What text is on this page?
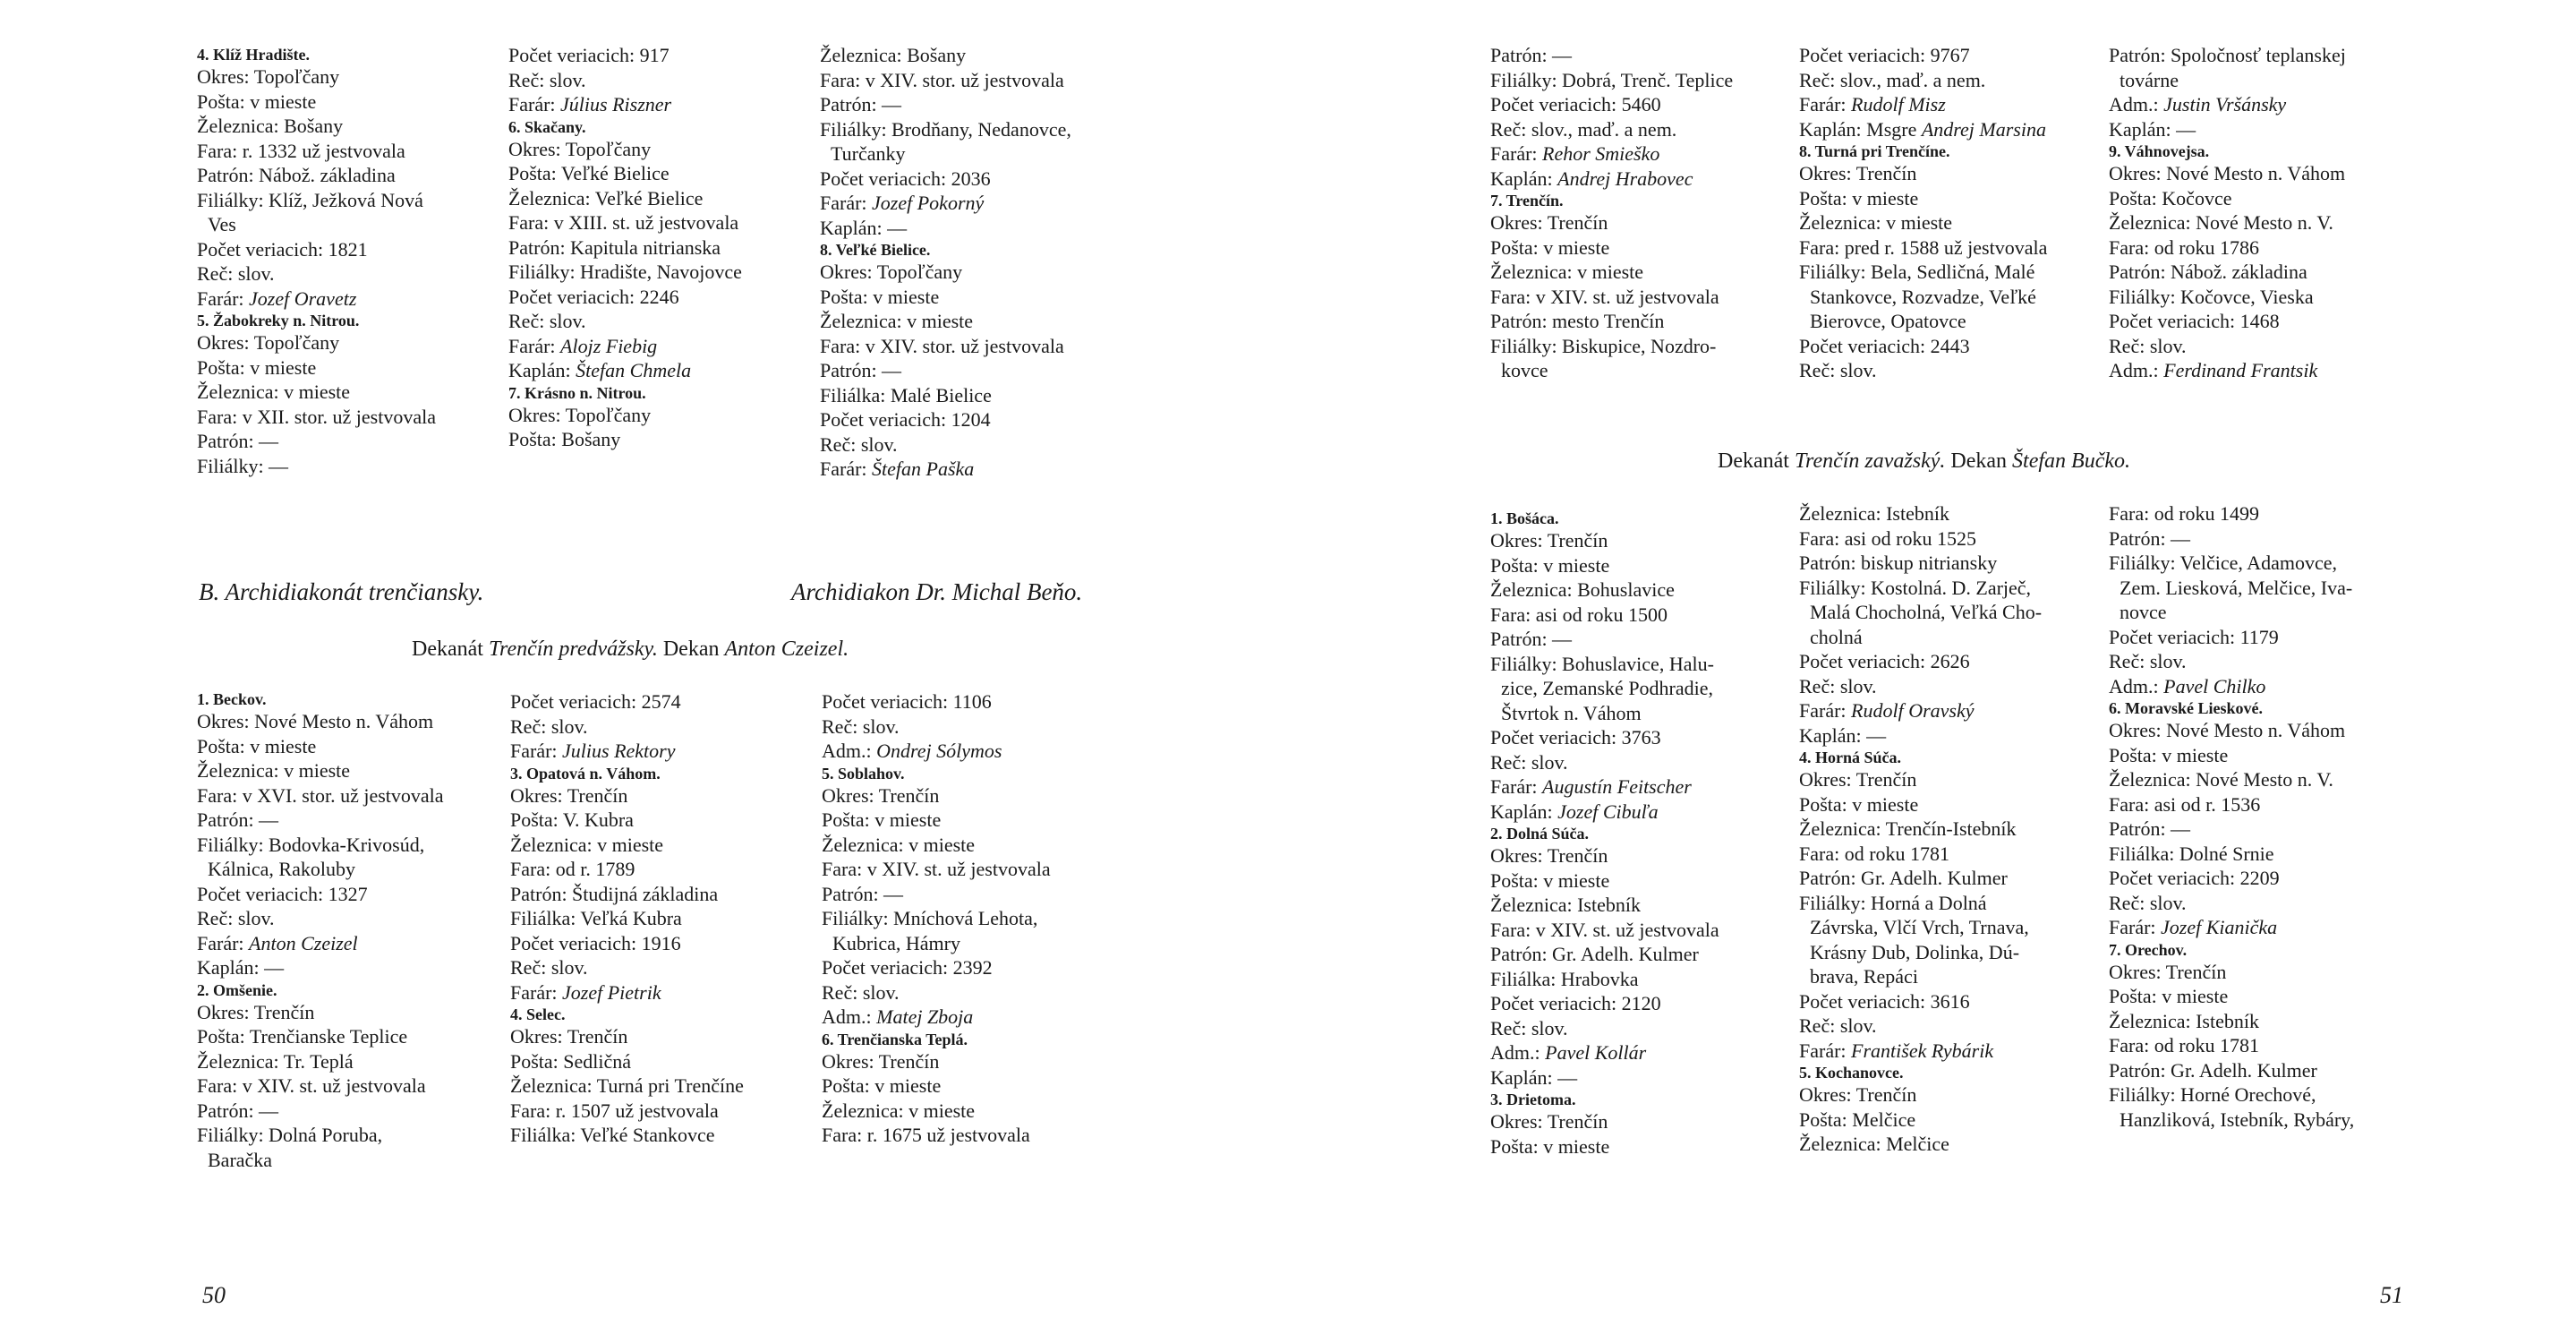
4. Klíž Hradište.

Okres: Topoľčany

Pošta: v mieste

Železnica: Bošany

Fara: r. 1332 už jestvovala

Patrón: Nábož. základina

Filiálky: Klíž, Ježková Nová

Ves

Počet veriacich: 1821

Reč: slov.

Farár: Jozef Oravetz

5. Žabokreky n. Nitrou.

Okres: Topoľčany

Pošta: v mieste

Železnica: v mieste

Fara: v XII. stor. už jestvovala

Patrón: —

Filiálky: —

Počet veriacich: 917

Reč: slov.

Farár: Július Riszner

6. Skačany.

Okres: Topoľčany

Pošta: Veľké Bielice

Železnica: Veľké Bielice

Fara: v XIII. st. už jestvovala

Patrón: Kapitula nitrianska

Filiálky: Hradište, Navojovce

Počet veriacich: 2246

Reč: slov.

Farár: Alojz Fiebig

Kaplán: Štefan Chmela

7. Krásno n. Nitrou.

Okres: Topoľčany

Pošta: Bošany

Železnica: Bošany

Fara: v XIV. stor. už jestvovala

Patrón: —

Filiálky: Brodňany, Nedanovce,

Turčanky

Počet veriacich: 2036

Farár: Jozef Pokorný

Kaplán: —

8. Veľké Bielice.

Okres: Topoľčany

Pošta: v mieste

Železnica: v mieste

Fara: v XIV. stor. už jestvovala

Patrón: —

Filiálka: Malé Bielice

Počet veriacich: 1204

Reč: slov.

Farár: Štefan Paška

B. Archidiakonát trenčiansky.	Archidiakon Dr. Michal Beňo.
Dekanát Trenčín predvážsky. Dekan Anton Czeizel.

1. Beckov.

Okres: Nové Mesto n. Váhom

Pošta: v mieste

Železnica: v mieste

Fara: v XVI. stor. už jestvovala

Patrón: —

Filiálky: Bodovka-Krivosúd,

Kálnica, Rakoluby

Počet veriacich: 1327

Reč: slov.

Farár: Anton Czeizel

Kaplán: —

2. Omšenie.

Okres: Trenčín

Pošta: Trenčianske Teplice

Železnica: Tr. Teplá

Fara: v XIV. st. už jestvovala

Patrón: —

Filiálky: Dolná Poruba,

Baračka

Počet veriacich: 2574

Reč: slov.

Farár: Julius Rektory

3. Opatová n. Váhom.

Okres: Trenčín

Pošta: V. Kubra

Železnica: v mieste

Fara: od r. 1789

Patrón: Študijná základina

Filiálka: Veľká Kubra

Počet veriacich: 1916

Reč: slov.

Farár: Jozef Pietrik

4. Selec.

Okres: Trenčín

Pošta: Sedličná

Železnica: Turná pri Trenčíne

Fara: r. 1507 už jestvovala

Filiálka: Veľké Stankovce

Počet veriacich: 1106

Reč: slov.

Adm.: Ondrej Sólymos

5. Soblahov.

Okres: Trenčín

Pošta: v mieste

Železnica: v mieste

Fara: v XIV. st. už jestvovala

Patrón: —

Filiálky: Mníchová Lehota,

Kubrica, Hámry

Počet veriacich: 2392

Reč: slov.

Adm.: Matej Zboja

6. Trenčianska Teplá.

Okres: Trenčín

Pošta: v mieste

Železnica: v mieste

Fara: r. 1675 už jestvovala

50

Patrón: —

Filiálky: Dobrá, Trenč. Teplice

Počet veriacich: 5460

Reč: slov., maď. a nem.

Farár: Rehor Smieško

Kaplán: Andrej Hrabovec

7. Trenčín.

Okres: Trenčín

Pošta: v mieste

Železnica: v mieste

Fara: v XIV. st. už jestvovala

Patrón: mesto Trenčín

Filiálky: Biskupice, Nozdro-

kovce

Počet veriacich: 9767

Reč: slov., maď. a nem.

Farár: Rudolf Misz

Kaplán: Msgre Andrej Marsina

8. Turná pri Trenčíne.

Okres: Trenčín

Pošta: v mieste

Železnica: v mieste

Fara: pred r. 1588 už jestvovala

Filiálky: Bela, Sedličná, Malé

Stankovce, Rozvadze, Veľké

Bierovce, Opatovce

Počet veriacich: 2443

Reč: slov.

Patrón: Spoločnosť teplanskej

továrne

Adm.: Justin Vršánsky

Kaplán: —

9. Váhnovejsa.

Okres: Nové Mesto n. Váhom

Pošta: Kočovce

Železnica: Nové Mesto n. V.

Fara: od roku 1786

Patrón: Nábož. základina

Filiálky: Kočovce, Vieska

Počet veriacich: 1468

Reč: slov.

Adm.: Ferdinand Frantsik

Dekanát Trenčín zavažský. Dekan Štefan Bučko.

1. Bošáca.

Okres: Trenčín

Pošta: v mieste

Železnica: Bohuslavice

Fara: asi od roku 1500

Patrón: —

Filiálky: Bohuslavice, Halu-

zice, Zemanské Podhradie,

Štvrtok n. Váhom

Počet veriacich: 3763

Reč: slov.

Farár: Augustín Feitscher

Kaplán: Jozef Cibuľa

2. Dolná Súča.

Okres: Trenčín

Pošta: v mieste

Železnica: Istebník

Fara: v XIV. st. už jestvovala

Patrón: Gr. Adelh. Kulmer

Filiálka: Hrabovka

Počet veriacich: 2120

Reč: slov.

Adm.: Pavel Kollár

Kaplán: —

3. Drietoma.

Okres: Trenčín

Pošta: v mieste

Železnica: Istebník

Fara: asi od roku 1525

Patrón: biskup nitriansky

Filiálky: Kostolná. D. Zarječ,

Malá Chocholná, Veľká Cho-

cholná

Počet veriacich: 2626

Reč: slov.

Farár: Rudolf Oravský

Kaplán: —

4. Horná Súča.

Okres: Trenčín

Pošta: v mieste

Železnica: Trenčín-Istebník

Fara: od roku 1781

Patrón: Gr. Adelh. Kulmer

Filiálky: Horná a Dolná

Závrska, Vlčí Vrch, Trnava,

Krásny Dub, Dolinka, Dú-

brava, Repáci

Počet veriacich: 3616

Reč: slov.

Farár: František Rybárik

5. Kochanovce.

Okres: Trenčín

Pošta: Melčice

Železnica: Melčice

Fara: od roku 1499

Patrón: —

Filiálky: Velčice, Adamovce,

Zem. Liesková, Melčice, Iva-

novce

Počet veriacich: 1179

Reč: slov.

Adm.: Pavel Chilko

6. Moravské Lieskové.

Okres: Nové Mesto n. Váhom

Pošta: v mieste

Železnica: Nové Mesto n. V.

Fara: asi od r. 1536

Patrón: —

Filiálka: Dolné Srnie

Počet veriacich: 2209

Reč: slov.

Farár: Jozef Kianička

7. Orechov.

Okres: Trenčín

Pošta: v mieste

Železnica: Istebník

Fara: od roku 1781

Patrón: Gr. Adelh. Kulmer

Filiálky: Horné Orechové,

Hanzliková, Istebník, Rybáry,

51
